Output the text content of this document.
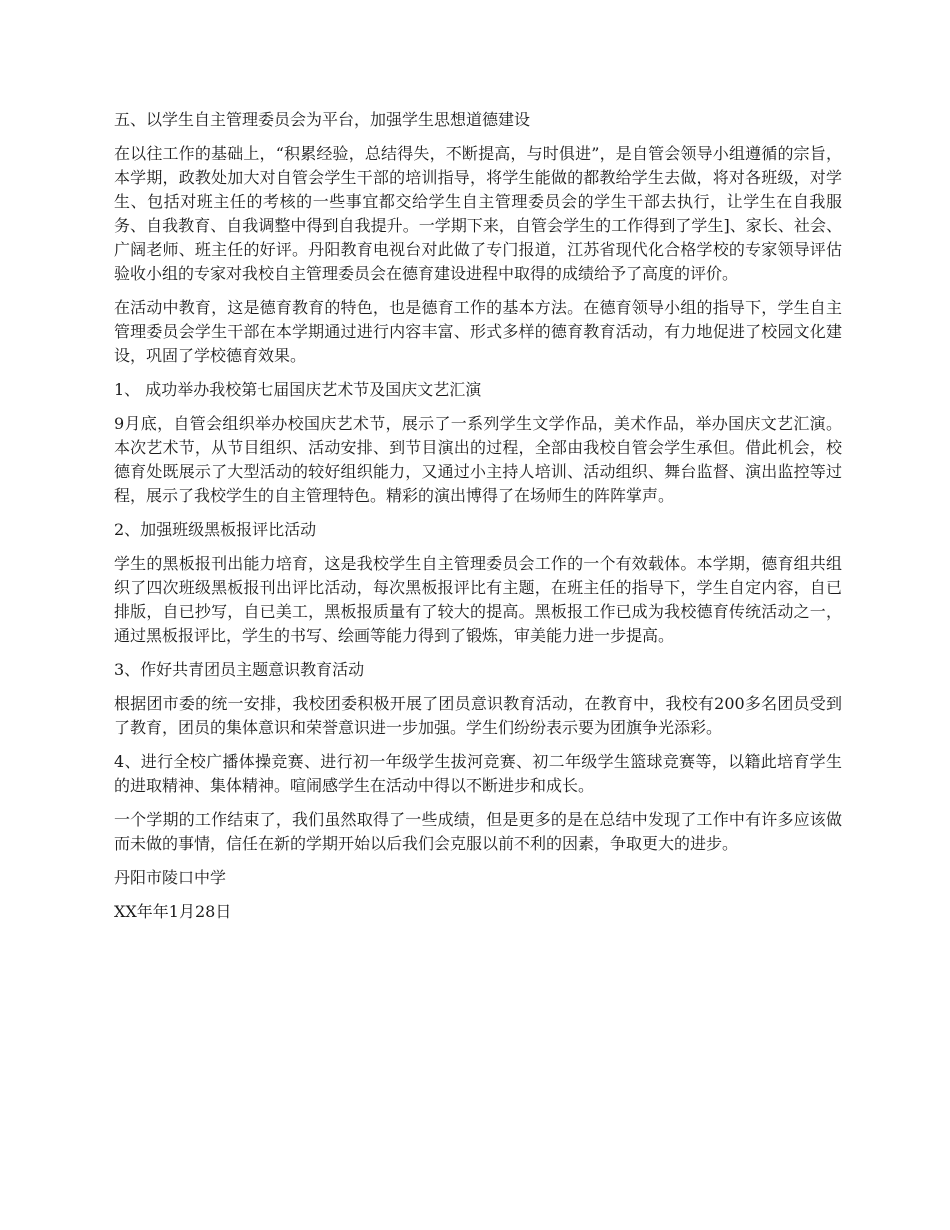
五、以学生自主管理委员会为平台，加强学生思想道德建设

在以往工作的基础上，“积累经验，总结得失，不断提高，与时俱进”，是自管会领导小组遵循的宗旨，本学期，政教处加大对自管会学生干部的培训指导，将学生能做的都教给学生去做，将对各班级，对学生、包括对班主任的考核的一些事宜都交给学生自主管理委员会的学生干部去执行，让学生在自我服务、自我教育、自我调整中得到自我提升。一学期下来，自管会学生的工作得到了学生]、家长、社会、广阔老师、班主任的好评。丹阳教育电视台对此做了专门报道，江苏省现代化合格学校的专家领导评估验收小组的专家对我校自主管理委员会在德育建设进程中取得的成绩给予了高度的评价。

在活动中教育，这是德育教育的特色，也是德育工作的基本方法。在德育领导小组的指导下，学生自主管理委员会学生干部在本学期通过进行内容丰富、形式多样的德育教育活动，有力地促进了校园文化建设，巩固了学校德育效果。

1、 成功举办我校第七届国庆艺术节及国庆文艺汇演

9月底，自管会组织举办校国庆艺术节，展示了一系列学生文学作品，美术作品，举办国庆文艺汇演。本次艺术节，从节目组织、活动安排、到节目演出的过程，全部由我校自管会学生承但。借此机会，校德育处既展示了大型活动的较好组织能力，又通过小主持人培训、活动组织、舞台监督、演出监控等过程，展示了我校学生的自主管理特色。精彩的演出博得了在场师生的阵阵掌声。

2、加强班级黑板报评比活动

学生的黑板报刊出能力培育，这是我校学生自主管理委员会工作的一个有效载体。本学期，德育组共组织了四次班级黑板报刊出评比活动，每次黑板报评比有主题，在班主任的指导下，学生自定内容，自已排版，自已抄写，自已美工，黑板报质量有了较大的提高。黑板报工作已成为我校德育传统活动之一，通过黑板报评比，学生的书写、绘画等能力得到了锻炼，审美能力进一步提高。

3、作好共青团员主题意识教育活动

根据团市委的统一安排，我校团委积极开展了团员意识教育活动，在教育中，我校有200多名团员受到了教育，团员的集体意识和荣誉意识进一步加强。学生们纷纷表示要为团旗争光添彩。

4、进行全校广播体操竞赛、进行初一年级学生拔河竞赛、初二年级学生篮球竞赛等，以籍此培育学生的进取精神、集体精神。喧闹感学生在活动中得以不断进步和成长。

一个学期的工作结束了，我们虽然取得了一些成绩，但是更多的是在总结中发现了工作中有许多应该做而未做的事情，信任在新的学期开始以后我们会克服以前不利的因素，争取更大的进步。

丹阳市陵口中学

XX年年1月28日
